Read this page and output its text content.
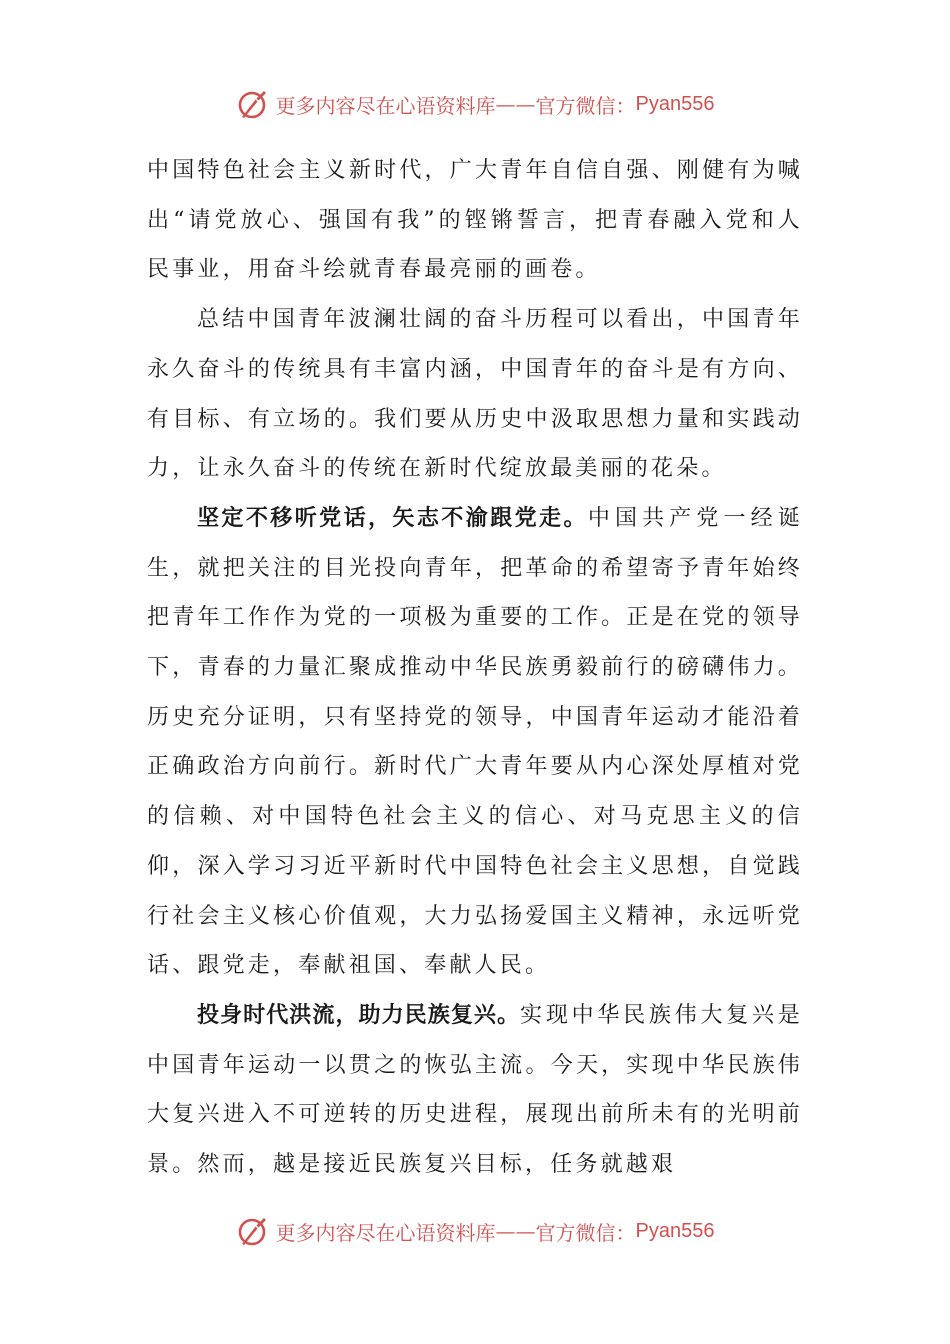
更多内容尽在心语资料库 —— 官方微信： Pyan556

中国特色社会主义新时代，广大青年自信自强、刚健有为喊出“请党放心、强国有我”的铿锵誓言，把青春融入党和人民事业，用奋斗绘就青春最亮丽的画卷。

总结中国青年波澜壮阔的奋斗历程可以看出，中国青年永久奋斗的传统具有丰富内涵，中国青年的奋斗是有方向、有目标、有立场的。我们要从历史中汲取思想力量和实践动力，让永久奋斗的传统在新时代绽放最美丽的花朵。

坚定不移听党话，矢志不渝跟党走。中国共产党一经诞生，就把关注的目光投向青年，把革命的希望寄予青年始终把青年工作作为党的一项极为重要的工作。正是在党的领导下，青春的力量汇聚成推动中华民族勇毅前行的磅礴伟力。历史充分证明，只有坚持党的领导，中国青年运动才能沿着正确政治方向前行。新时代广大青年要从内心深处厚植对党的信赖、对中国特色社会主义的信心、对马克思主义的信仰，深入学习习近平新时代中国特色社会主义思想，自觉践行社会主义核心价值观，大力弘扬爱国主义精神，永远听党话、跟党走，奉献祖国、奉献人民。

投身时代洪流，助力民族复兴。实现中华民族伟大复兴是中国青年运动一以贯之的恢弘主流。今天，实现中华民族伟大复兴进入不可逆转的历史进程，展现出前所未有的光明前景。然而，越是接近民族复兴目标，任务就越艰

更多内容尽在心语资料库 —— 官方微信： Pyan556
